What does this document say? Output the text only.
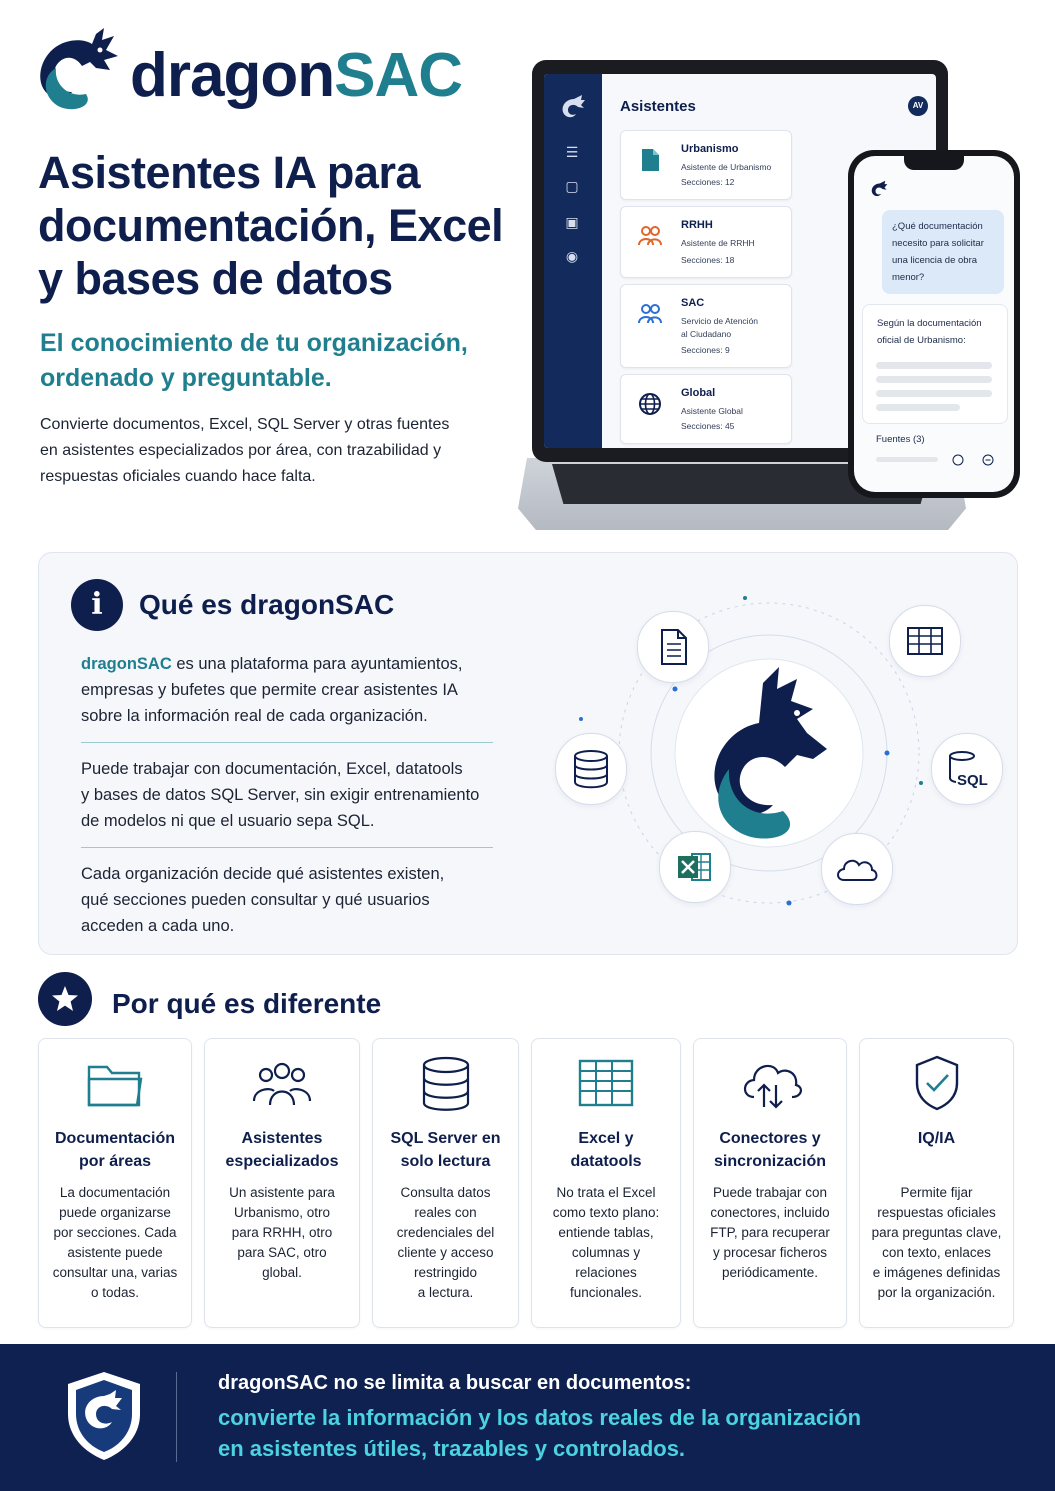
dragonSAC
Asistentes IA para
documentación, Excel
y bases de datos
El conocimiento de tu organización,
ordenado y preguntable.
Convierte documentos, Excel, SQL Server y otras fuentes
en asistentes especializados por área, con trazabilidad y
respuestas oficiales cuando hace falta.
☰
▢
▣
◉
Asistentes	AV
Urbanismo
Asistente de Urbanismo
Secciones: 12
RRHH
Asistente de RRHH
Secciones: 18
SAC
Servicio de Atención
al Ciudadano
Secciones: 9
Global
Asistente Global
Secciones: 45
¿Qué documentación
necesito para solicitar
una licencia de obra
menor?
Según la documentación
oficial de Urbanismo:
Fuentes (3)
i	Qué es dragonSAC
dragonSAC es una plataforma para ayuntamientos,
empresas y bufetes que permite crear asistentes IA
sobre la información real de cada organización.
Puede trabajar con documentación, Excel, datatools
y bases de datos SQL Server, sin exigir entrenamiento
de modelos ni que el usuario sepa SQL.
Cada organización decide qué asistentes existen,
qué secciones pueden consultar y qué usuarios
acceden a cada uno.
SQL
Por qué es diferente
Documentación
por áreas
La documentación
puede organizarse
por secciones. Cada
asistente puede
consultar una, varias
o todas.
Asistentes
especializados
Un asistente para
Urbanismo, otro
para RRHH, otro
para SAC, otro
global.
SQL Server en
solo lectura
Consulta datos
reales con
credenciales del
cliente y acceso
restringido
a lectura.
Excel y
datatools
No trata el Excel
como texto plano:
entiende tablas,
columnas y
relaciones
funcionales.
Conectores y
sincronización
Puede trabajar con
conectores, incluido
FTP, para recuperar
y procesar ficheros
periódicamente.
IQ/IA
Permite fijar
respuestas oficiales
para preguntas clave,
con texto, enlaces
e imágenes definidas
por la organización.
dragonSAC no se limita a buscar en documentos:
convierte la información y los datos reales de la organización
en asistentes útiles, trazables y controlados.
